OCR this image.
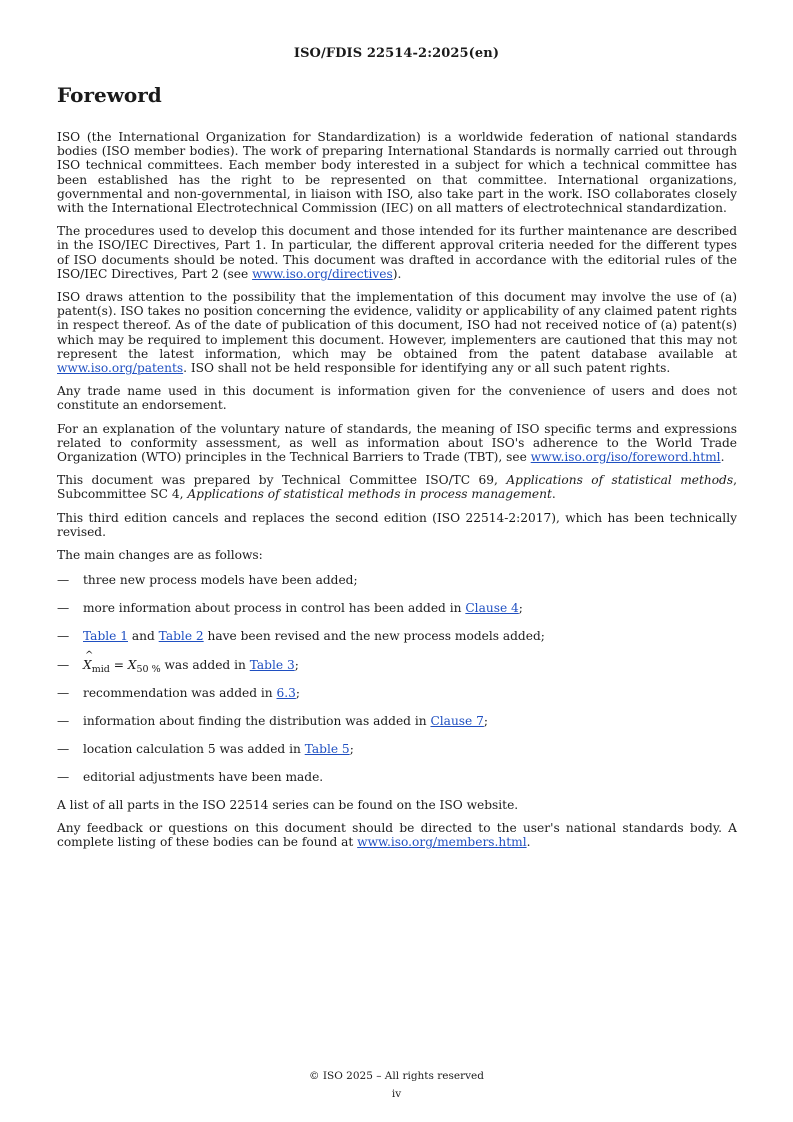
ISO/FDIS 22514-2:2025(en)
Foreword

ISO (the International Organization for Standardization) is a worldwide federation of national standards bodies (ISO member bodies). The work of preparing International Standards is normally carried out through ISO technical committees. Each member body interested in a subject for which a technical committee has been established has the right to be represented on that committee. International organizations, governmental and non-governmental, in liaison with ISO, also take part in the work. ISO collaborates closely with the International Electrotechnical Commission (IEC) on all matters of electrotechnical standardization.

The procedures used to develop this document and those intended for its further maintenance are described in the ISO/IEC Directives, Part 1. In particular, the different approval criteria needed for the different types of ISO documents should be noted. This document was drafted in accordance with the editorial rules of the ISO/IEC Directives, Part 2 (see www.iso.org/directives).

ISO draws attention to the possibility that the implementation of this document may involve the use of (a) patent(s). ISO takes no position concerning the evidence, validity or applicability of any claimed patent rights in respect thereof. As of the date of publication of this document, ISO had not received notice of (a) patent(s) which may be required to implement this document. However, implementers are cautioned that this may not represent the latest information, which may be obtained from the patent database available at www.iso.org/patents. ISO shall not be held responsible for identifying any or all such patent rights.

Any trade name used in this document is information given for the convenience of users and does not constitute an endorsement.

For an explanation of the voluntary nature of standards, the meaning of ISO specific terms and expressions related to conformity assessment, as well as information about ISO's adherence to the World Trade Organization (WTO) principles in the Technical Barriers to Trade (TBT), see www.iso.org/iso/foreword.html.

This document was prepared by Technical Committee ISO/TC 69, Applications of statistical methods, Subcommittee SC 4, Applications of statistical methods in process management.

This third edition cancels and replaces the second edition (ISO 22514-2:2017), which has been technically revised.

The main changes are as follows:

— three new process models have been added;
— more information about process in control has been added in Clause 4;
— Table 1 and Table 2 have been revised and the new process models added;
—
^
$X_{mid} = X_{50 \%}$ was added in Table 3;
— recommendation was added in 6.3;
— information about finding the distribution was added in Clause 7;
— location calculation 5 was added in Table 5;
— editorial adjustments have been made.

A list of all parts in the ISO 22514 series can be found on the ISO website.

Any feedback or questions on this document should be directed to the user's national standards body. A complete listing of these bodies can be found at www.iso.org/members.html.

© ISO 2025 – All rights reserved
iv
